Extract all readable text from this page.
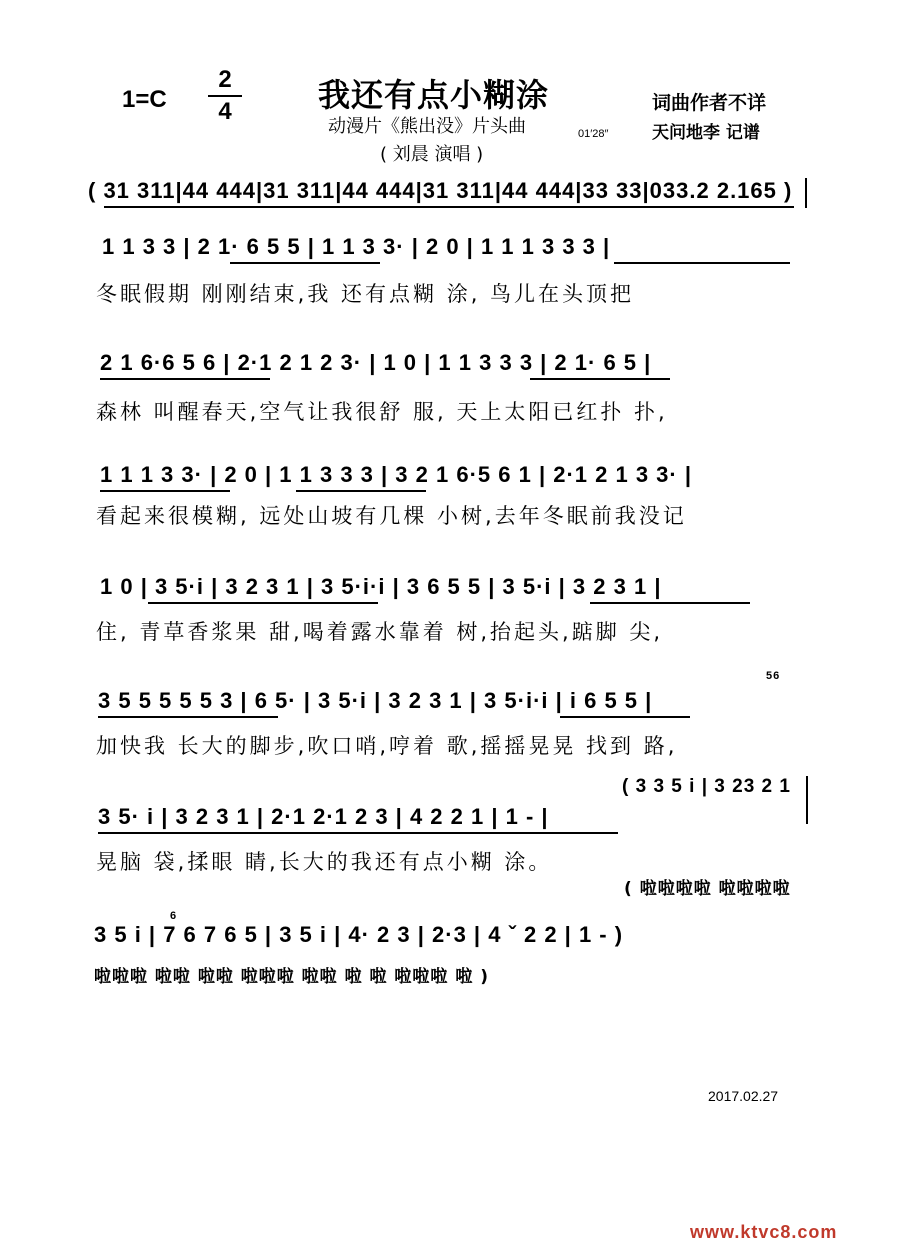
1=C
2
4	我还有点小糊涂
动漫片《熊出没》片头曲	01′28″
( 刘晨 演唱 )
词曲作者不详
天问地李 记谱
( 31 311|44 444|31 311|44 444|31 311|44 444|33 33|033.2 2.165 )
1 1 3 3 | 2 1· 6 5 5 | 1 1 3 3· | 2 0 | 1 1 1 3 3 3 |
冬眠假期 刚刚结束,我 还有点糊 涂, 鸟儿在头顶把
2 1 6·6 5 6 | 2·1 2 1 2 3· | 1 0 | 1 1 3 3 3 | 2 1· 6 5 |
森林 叫醒春天,空气让我很舒 服, 天上太阳已红扑 扑,
1 1 1 3 3· | 2 0 | 1 1 3 3 3 | 3 2 1 6·5 6 1 | 2·1 2 1 3 3· |
看起来很模糊, 远处山坡有几棵 小树,去年冬眠前我没记
1 0 | 3 5·i | 3 2 3 1 | 3 5·i·i | 3 6 5 5 | 3 5·i | 3 2 3 1 |
住, 青草香浆果 甜,喝着露水靠着 树,抬起头,踮脚 尖,
3 5 5 5 5 5 3 | 6 5· | 3 5·i | 3 2 3 1 | 3 5·i·i | i 6 5 5 |
56
加快我 长大的脚步,吹口哨,哼着 歌,摇摇晃晃 找到 路,
3 5· i | 3 2 3 1 | 2·1 2·1 2 3 | 4 2 2 1 | 1 - |
( 3 3 5 i | 3 23 2 1
晃脑 袋,揉眼 睛,长大的我还有点小糊 涂。
( 啦啦啦啦 啦啦啦啦
3 5 i | 7 6 7 6 5 | 3 5 i | 4· 2 3 | 2·3 | 4 ˇ 2 2 | 1 - )
6
啦啦啦 啦啦 啦啦 啦啦啦 啦啦 啦 啦 啦啦啦 啦 )
2017.02.27
www.ktvc8.com
